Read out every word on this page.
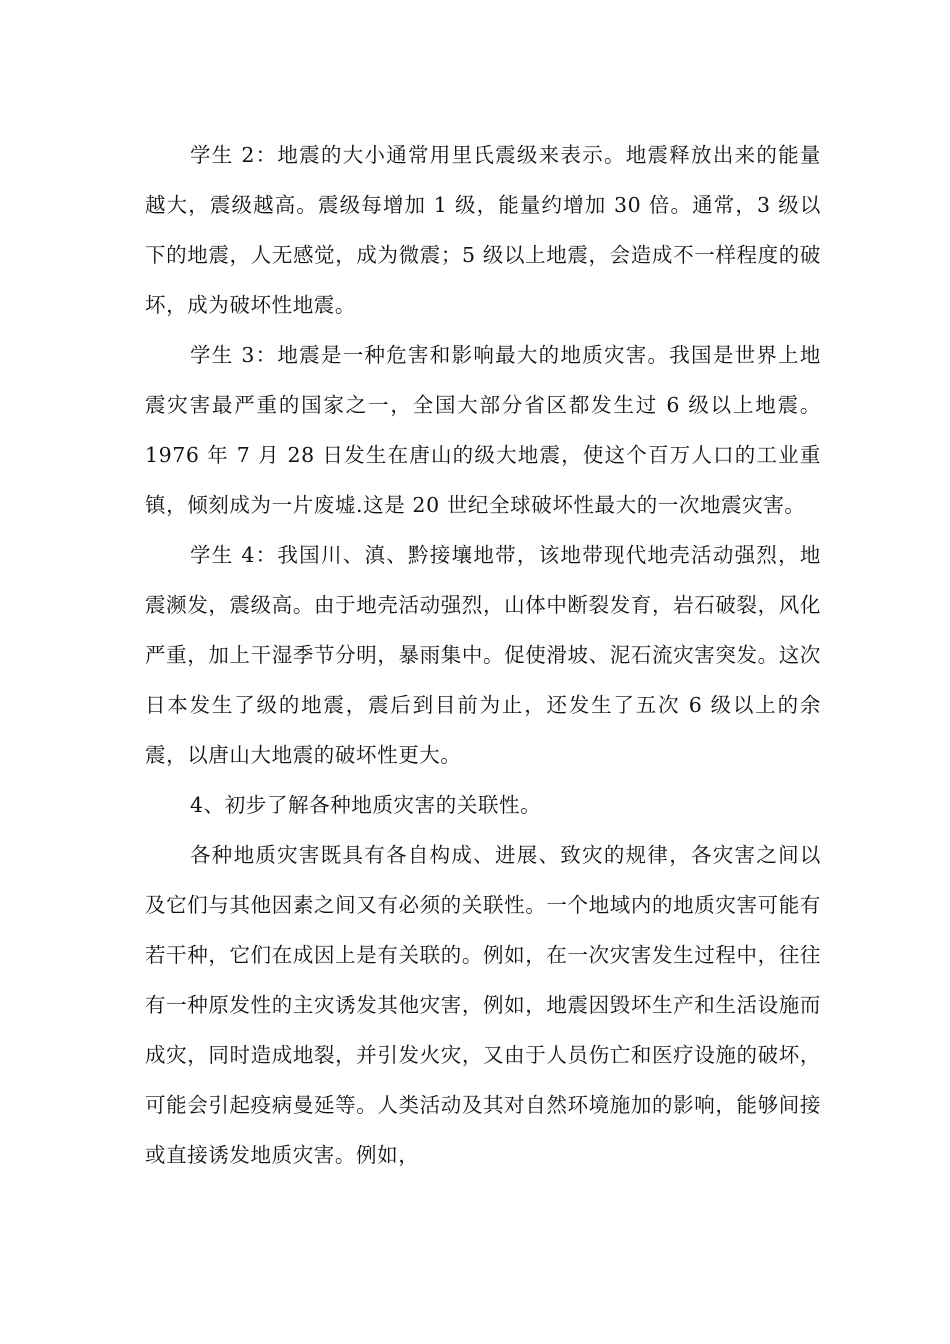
学生 2：地震的大小通常用里氏震级来表示。地震释放出来的能量越大，震级越高。震级每增加 1 级，能量约增加 30 倍。通常，3 级以下的地震，人无感觉，成为微震；5 级以上地震，会造成不一样程度的破坏，成为破坏性地震。

学生 3：地震是一种危害和影响最大的地质灾害。我国是世界上地震灾害最严重的国家之一，全国大部分省区都发生过 6 级以上地震。1976 年 7 月 28 日发生在唐山的级大地震，使这个百万人口的工业重镇，倾刻成为一片废墟.这是 20 世纪全球破坏性最大的一次地震灾害。

学生 4：我国川、滇、黔接壤地带，该地带现代地壳活动强烈，地震濒发，震级高。由于地壳活动强烈，山体中断裂发育，岩石破裂，风化严重，加上干湿季节分明，暴雨集中。促使滑坡、泥石流灾害突发。这次日本发生了级的地震，震后到目前为止，还发生了五次 6 级以上的余震，以唐山大地震的破坏性更大。

4、初步了解各种地质灾害的关联性。

各种地质灾害既具有各自构成、进展、致灾的规律，各灾害之间以及它们与其他因素之间又有必须的关联性。一个地域内的地质灾害可能有若干种，它们在成因上是有关联的。例如，在一次灾害发生过程中，往往有一种原发性的主灾诱发其他灾害，例如，地震因毁坏生产和生活设施而成灾，同时造成地裂，并引发火灾，又由于人员伤亡和医疗设施的破坏，可能会引起疫病曼延等。人类活动及其对自然环境施加的影响，能够间接或直接诱发地质灾害。例如，
